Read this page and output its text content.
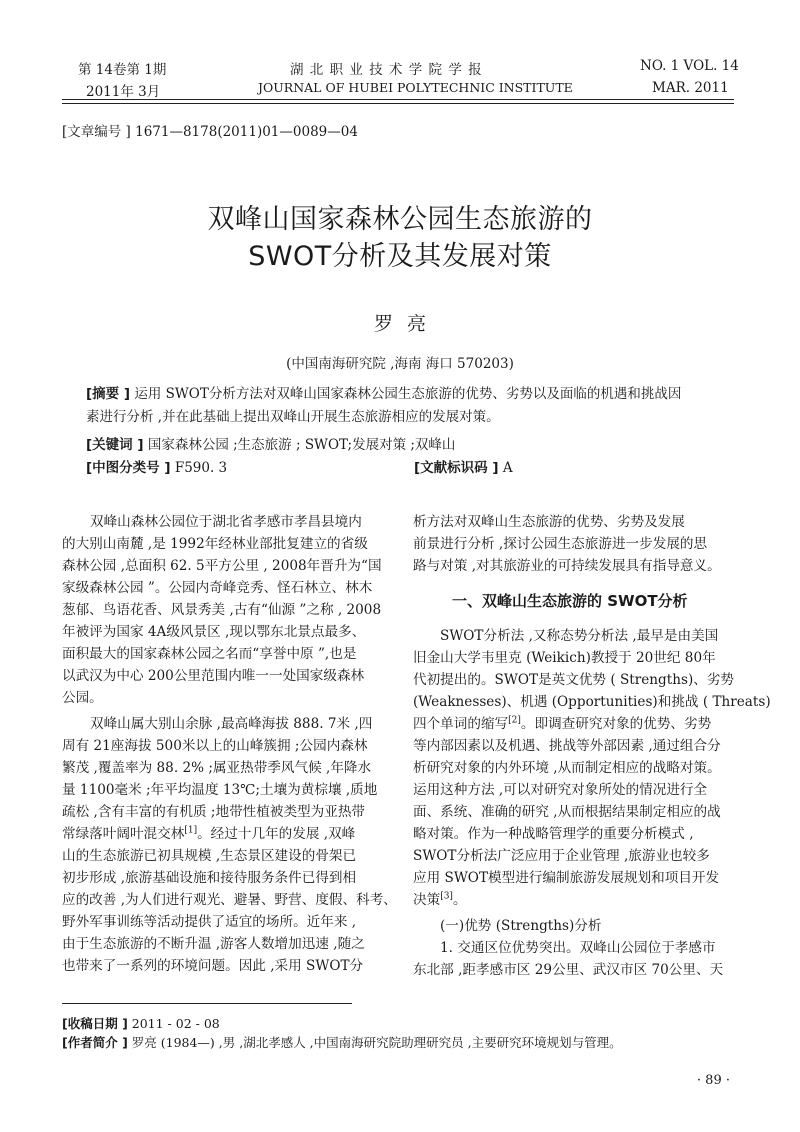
第 14卷第 1期
2011年 3月
湖 北 职 业 技 术 学 院 学 报
JOURNAL OF HUBEI POLYTECHNIC INSTITUTE
NO. 1 VOL. 14
MAR. 2011
[文章编号 ] 1671—8178(2011)01—0089—04
双峰山国家森林公园生态旅游的
SWOT分析及其发展对策
罗亮
(中国南海研究院 ,海南 海口 570203)
[摘要 ] 运用 SWOT分析方法对双峰山国家森林公园生态旅游的优势、劣势以及面临的机遇和挑战因
素进行分析 ,并在此基础上提出双峰山开展生态旅游相应的发展对策。
[关键词 ] 国家森林公园 ;生态旅游 ; SWOT;发展对策 ;双峰山
[中图分类号 ] F590. 3	[文献标识码 ] A
双峰山森林公园位于湖北省孝感市孝昌县境内
的大别山南麓 ,是 1992年经林业部批复建立的省级
森林公园 ,总面积 62. 5平方公里 , 2008年晋升为“国
家级森林公园 ”。公园内奇峰竞秀、怪石林立、林木
葱郁、鸟语花香、风景秀美 ,古有“仙源 ”之称 , 2008
年被评为国家 4A级风景区 ,现以鄂东北景点最多、
面积最大的国家森林公园之名而“享誉中原 ”,也是
以武汉为中心 200公里范围内唯一一处国家级森林
公园。
双峰山属大别山余脉 ,最高峰海拔 888. 7米 ,四
周有 21座海拔 500米以上的山峰簇拥 ;公园内森林
繁茂 ,覆盖率为 88. 2% ;属亚热带季风气候 ,年降水
量 1100毫米 ;年平均温度 13℃;土壤为黄棕壤 ,质地
疏松 ,含有丰富的有机质 ;地带性植被类型为亚热带
常绿落叶阔叶混交林[1]。经过十几年的发展 ,双峰
山的生态旅游已初具规模 ,生态景区建设的骨架已
初步形成 ,旅游基础设施和接待服务条件已得到相
应的改善 ,为人们进行观光、避暑、野营、度假、科考、
野外军事训练等活动提供了适宜的场所。近年来 ,
由于生态旅游的不断升温 ,游客人数增加迅速 ,随之
也带来了一系列的环境问题。因此 ,采用 SWOT分
析方法对双峰山生态旅游的优势、劣势及发展
前景进行分析 ,探讨公园生态旅游进一步发展的思
路与对策 ,对其旅游业的可持续发展具有指导意义。
一、双峰山生态旅游的 SWOT分析
SWOT分析法 ,又称态势分析法 ,最早是由美国
旧金山大学韦里克 (Weikich)教授于 20世纪 80年
代初提出的。SWOT是英文优势 ( Strengths)、劣势
(Weaknesses)、机遇 (Opportunities)和挑战 ( Threats)
四个单词的缩写[2]。即调查研究对象的优势、劣势
等内部因素以及机遇、挑战等外部因素 ,通过组合分
析研究对象的内外环境 ,从而制定相应的战略对策。
运用这种方法 ,可以对研究对象所处的情况进行全
面、系统、准确的研究 ,从而根据结果制定相应的战
略对策。作为一种战略管理学的重要分析模式 ,
SWOT分析法广泛应用于企业管理 ,旅游业也较多
应用 SWOT模型进行编制旅游发展规划和项目开发
决策[3]。
(一)优势 (Strengths)分析
1. 交通区位优势突出。双峰山公园位于孝感市
东北部 ,距孝感市区 29公里、武汉市区 70公里、天
[收稿日期 ] 2011 - 02 - 08
[作者简介 ] 罗亮 (1984—) ,男 ,湖北孝感人 ,中国南海研究院助理研究员 ,主要研究环境规划与管理。
· 89 ·
